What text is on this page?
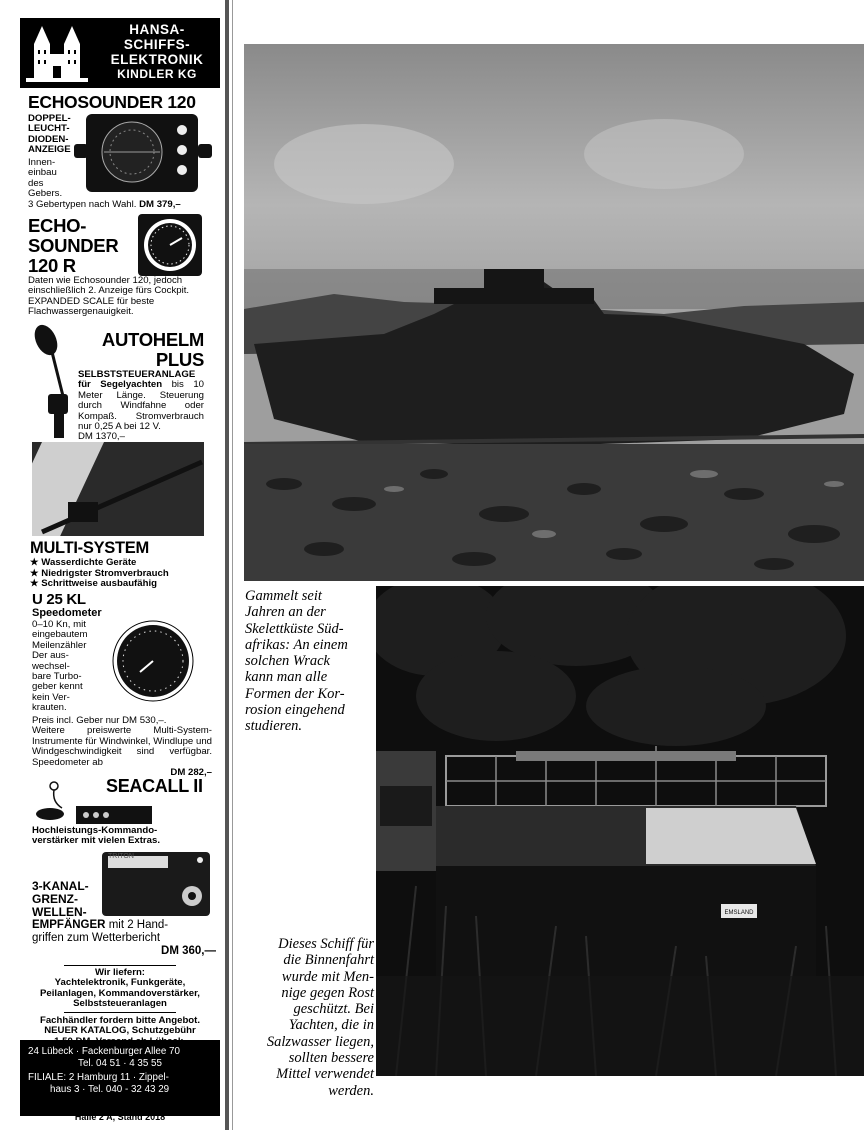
HANSA-
SCHIFFS-
ELEKTRONIK
KINDLER KG
ECHOSOUNDER 120
DOPPEL-
LEUCHT-
DIODEN-
ANZEIGE
Innen-
einbau
des
Gebers.
3 Gebertypen nach Wahl. DM 379,–
ECHO-
SOUNDER
120 R
Daten wie Echosounder 120, jedoch einschließlich 2. Anzeige fürs Cockpit. EXPANDED SCALE für beste Flachwassergenauigkeit.
AUTOHELM
PLUS
SELBSTSTEUERANLAGE
für Segelyachten bis 10 Meter Länge. Steuerung durch Windfahne oder Kompaß. Stromverbrauch nur 0,25 A bei 12 V.
DM 1370,–
MULTI-SYSTEM
★ Wasserdichte Geräte
★ Niedrigster Stromverbrauch
★ Schrittweise ausbaufähig
U 25 KL
Speedometer
0–10 Kn, mit
eingebautem
Meilenzähler
Der aus-
wechsel-
bare Turbo-
geber kennt
kein Ver-
krauten.
Preis incl. Geber nur DM 530,–.
Weitere preiswerte Multi-System-Instrumente für Windwinkel, Windlupe und Windgeschwindigkeit sind verfügbar. Speedometer ab
DM 282,–
SEACALL II
Hochleistungs-Kommando-
verstärker mit vielen Extras.
TRITON
3-KANAL-
GRENZ-
WELLEN-
EMPFÄNGER mit 2 Hand-
griffen zum Wetterbericht
DM 360,—
Wir liefern:
Yachtelektronik, Funkgeräte,
Peilanlagen, Kommandoverstärker,
Selbststeueranlagen
Fachhändler fordern bitte Angebot.
NEUER KATALOG, Schutzgebühr
24 Lübeck · Fackenburger Allee 70
Tel. 04 51 · 4 35 55
FILIALE: 2 Hamburg 11 · Zippel-
haus 3 · Tel. 040 - 32 43 29
Hamburger Bootsausstellung
Halle 2 A, Stand 2018
Gammelt seit
Jahren an der
Skelettküste Süd-
afrikas: An einem
solchen Wrack
kann man alle
Formen der Kor-
rosion eingehend
studieren.
EMSLAND
Dieses Schiff für
die Binnenfahrt
wurde mit Men-
nige gegen Rost
geschützt. Bei
Yachten, die in
Salzwasser liegen,
sollten bessere
Mittel verwendet
werden.
